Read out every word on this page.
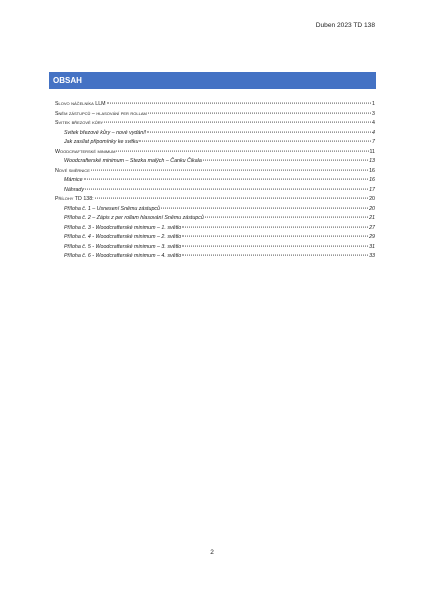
Duben 2023 TD 138
OBSAH
Slovo náčelníka LLM	1
Sněm zástupců – hlasování per rollam	3
Svitek březové kůry	4
Svitek březové kůry – nové vydání!	4
Jak zasílat připomínky ke svitku	7
Woodcrafterské minimum	11
Woodcrafterské minimum – Stezka malých – Čanku Čikala	13
Nové směrnice	16
Mámice	16
Náhrady	17
Přílohy TD 138:	20
Příloha č. 1 – Usnesení Sněmu zástupců	20
Příloha č. 2 – Zápis z per rollam hlasování Sněmu zástupců	21
Příloha č. 3 - Woodcrafterské minimum – 1. světlo	27
Příloha č. 4 - Woodcrafterské minimum – 2. světlo	29
Příloha č. 5 - Woodcrafterské minimum – 3. světlo	31
Příloha č. 6 - Woodcrafterské minimum – 4. světlo	33
2
